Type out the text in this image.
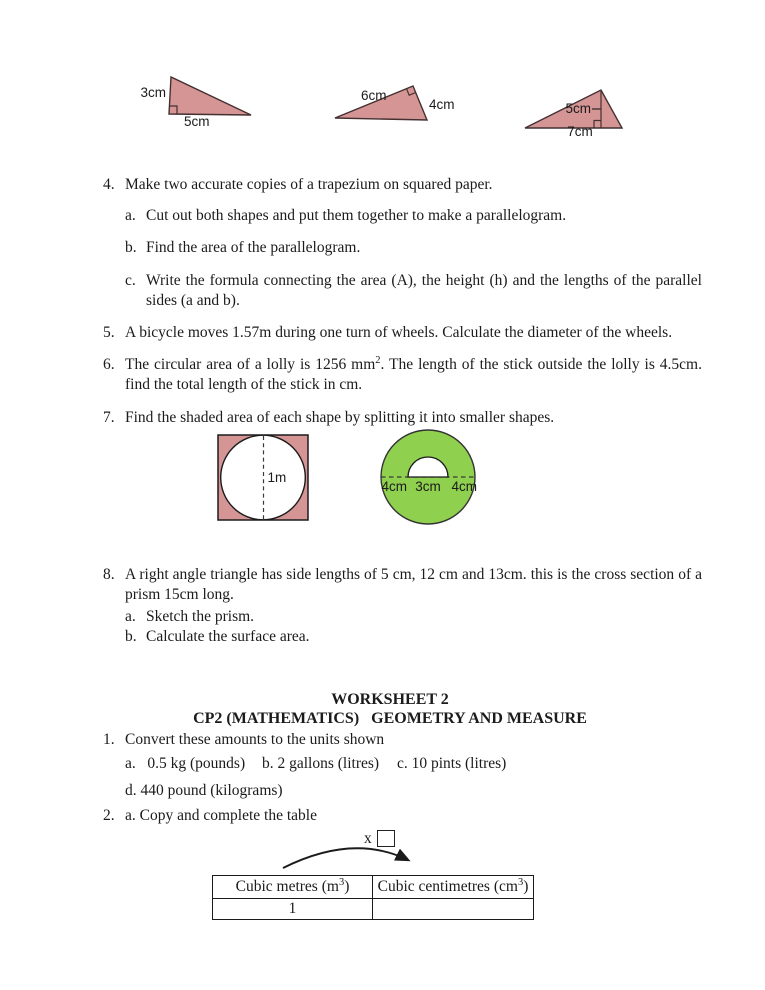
3cm
5cm
6cm
4cm	5cm
7cm
4. Make two accurate copies of a trapezium on squared paper.
a. Cut out both shapes and put them together to make a parallelogram.
b. Find the area of the parallelogram.
c. Write the formula connecting the area (A), the height (h) and the lengths of the parallel sides (a and b).
5. A bicycle moves 1.57m during one turn of wheels. Calculate the diameter of the wheels.
6. The circular area of a lolly is 1256 $mm^2$. The length of the stick outside the lolly is 4.5cm. find the total length of the stick in cm.
7. Find the shaded area of each shape by splitting it into smaller shapes.
1m
4cm 3cm 4cm
8. A right angle triangle has side lengths of 5 cm, 12 cm and 13cm. this is the cross section of a prism 15cm long.
a. Sketch the prism.
b. Calculate the surface area.
WORKSHEET 2
CP2 (MATHEMATICS)   GEOMETRY AND MEASURE
1. Convert these amounts to the units shown
a.   0.5 kg (pounds) b. 2 gallons (litres) c. 10 pints (litres)
d. 440 pound (kilograms)
2. a. Copy and complete the table
x
Cubic metres $(m^3)$	Cubic centimetres $(cm^3)$
1	
